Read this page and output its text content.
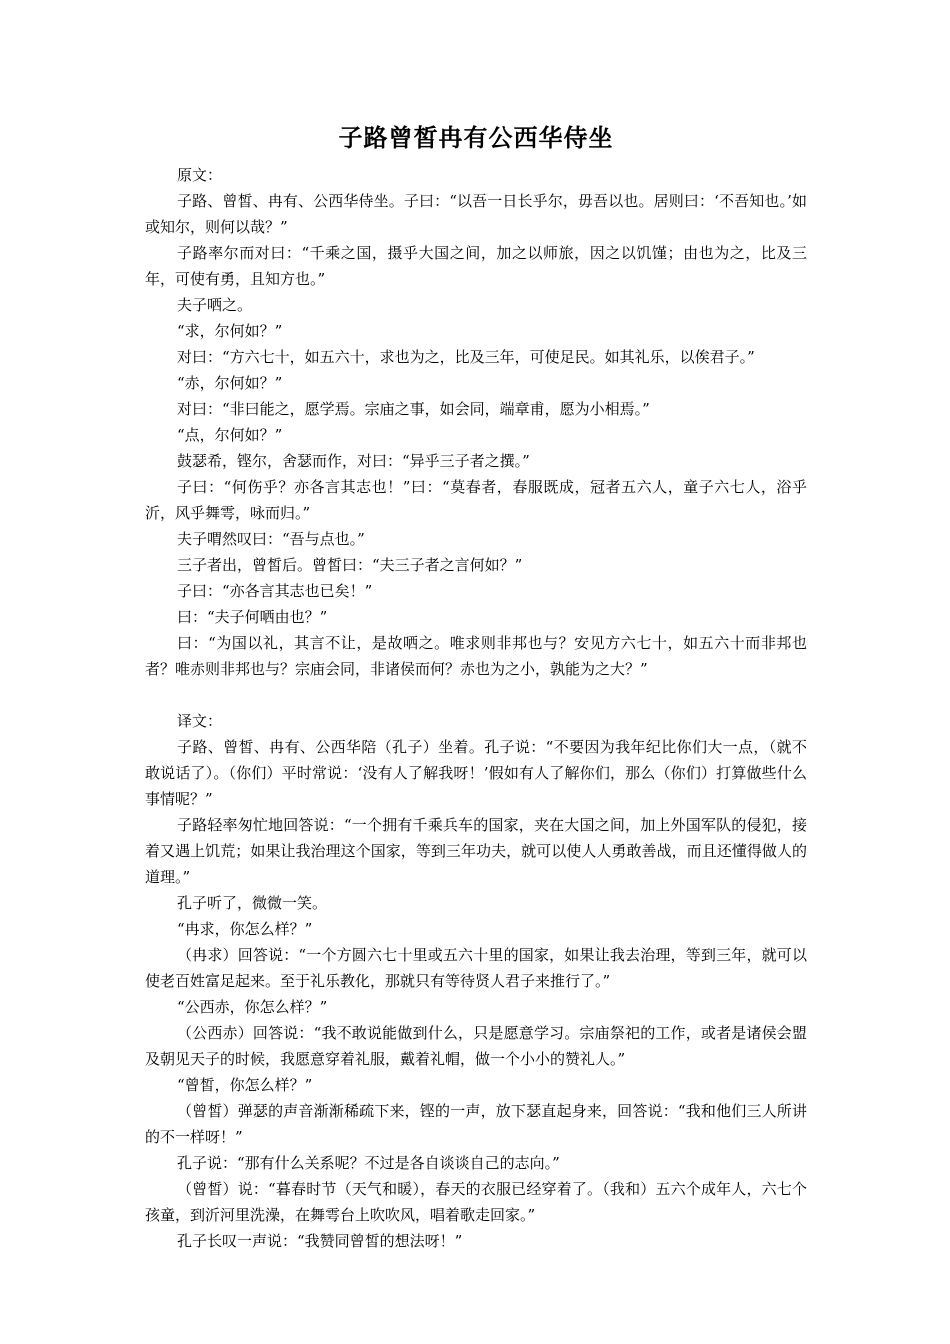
子路曾皙冉有公西华侍坐

原文：

子路、曾皙、冉有、公西华侍坐。子曰：“以吾一日长乎尔，毋吾以也。居则曰：‘不吾知也。’如或知尔，则何以哉？”

子路率尔而对曰：“千乘之国，摄乎大国之间，加之以师旅，因之以饥馑；由也为之，比及三年，可使有勇，且知方也。”

夫子哂之。

“求，尔何如？”

对曰：“方六七十，如五六十，求也为之，比及三年，可使足民。如其礼乐，以俟君子。”

“赤，尔何如？”

对曰：“非曰能之，愿学焉。宗庙之事，如会同，端章甫，愿为小相焉。”

“点，尔何如？”

鼓瑟希，铿尔，舍瑟而作，对曰：“异乎三子者之撰。”

子曰：“何伤乎？亦各言其志也！”曰：“莫春者，春服既成，冠者五六人，童子六七人，浴乎沂，风乎舞雩，咏而归。”

夫子喟然叹曰：“吾与点也。”

三子者出，曾皙后。曾皙曰：“夫三子者之言何如？”

子曰：“亦各言其志也已矣！”

曰：“夫子何哂由也？”

曰：“为国以礼，其言不让，是故哂之。唯求则非邦也与？安见方六七十，如五六十而非邦也者？唯赤则非邦也与？宗庙会同，非诸侯而何？赤也为之小，孰能为之大？”

译文：

子路、曾皙、冉有、公西华陪（孔子）坐着。孔子说：“不要因为我年纪比你们大一点，（就不敢说话了）。（你们）平时常说：‘没有人了解我呀！’假如有人了解你们，那么（你们）打算做些什么事情呢？”

子路轻率匆忙地回答说：“一个拥有千乘兵车的国家，夹在大国之间，加上外国军队的侵犯，接着又遇上饥荒；如果让我治理这个国家，等到三年功夫，就可以使人人勇敢善战，而且还懂得做人的道理。”

孔子听了，微微一笑。

“冉求，你怎么样？”

（冉求）回答说：“一个方圆六七十里或五六十里的国家，如果让我去治理，等到三年，就可以使老百姓富足起来。至于礼乐教化，那就只有等待贤人君子来推行了。”

“公西赤，你怎么样？”

（公西赤）回答说：“我不敢说能做到什么，只是愿意学习。宗庙祭祀的工作，或者是诸侯会盟及朝见天子的时候，我愿意穿着礼服，戴着礼帽，做一个小小的赞礼人。”

“曾皙，你怎么样？”

（曾皙）弹瑟的声音渐渐稀疏下来，铿的一声，放下瑟直起身来，回答说：“我和他们三人所讲的不一样呀！”

孔子说：“那有什么关系呢？不过是各自谈谈自己的志向。”

（曾皙）说：“暮春时节（天气和暖），春天的衣服已经穿着了。（我和）五六个成年人，六七个孩童，到沂河里洗澡，在舞雩台上吹吹风，唱着歌走回家。”

孔子长叹一声说：“我赞同曾皙的想法呀！”
